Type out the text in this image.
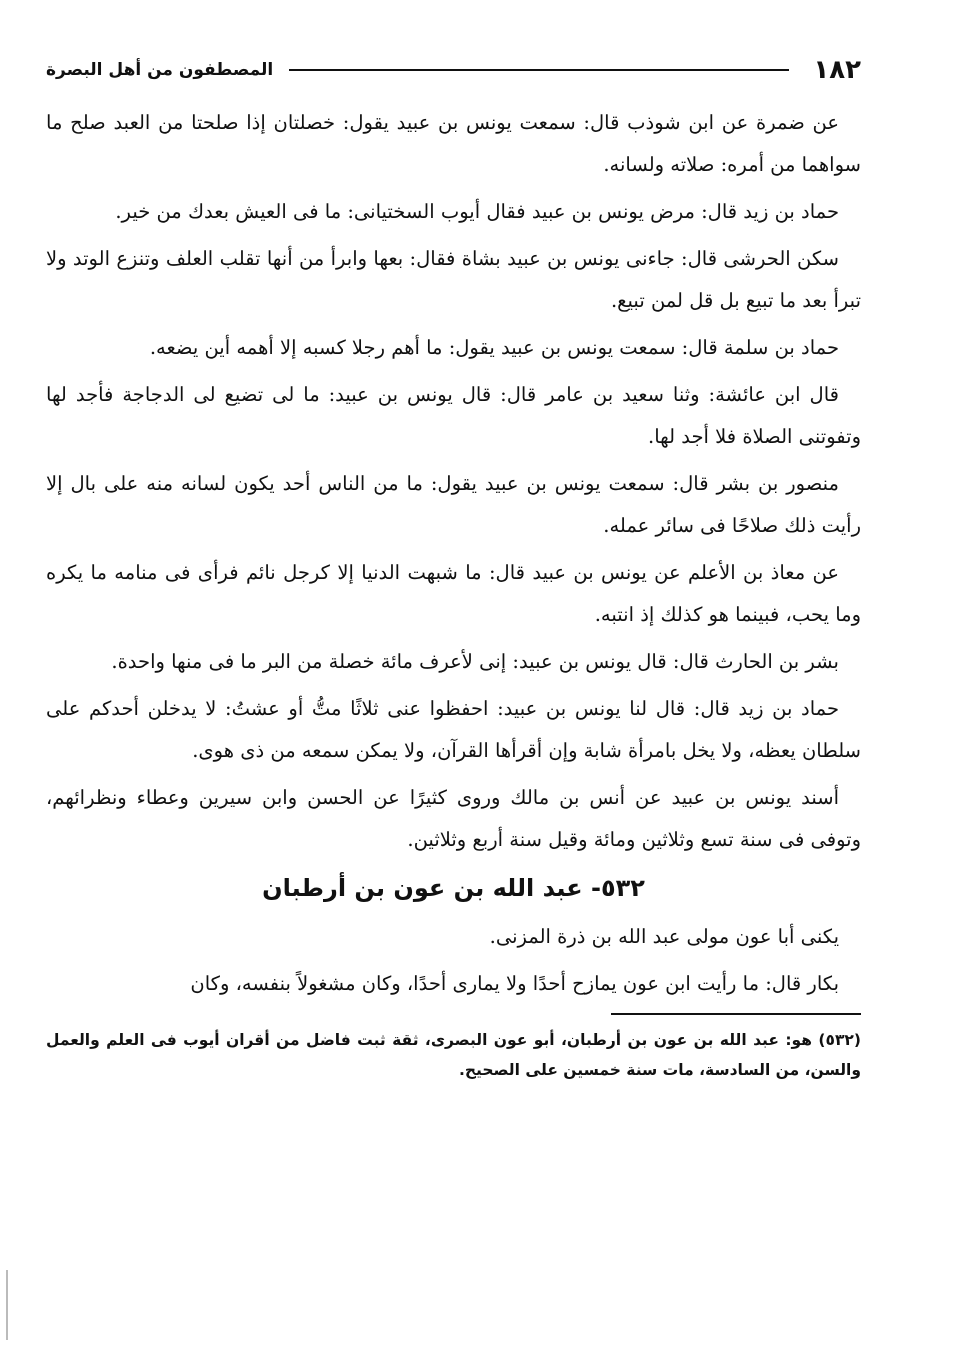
١٨٢
المصطفون من أهل البصرة

عن ضمرة عن ابن شوذب قال: سمعت يونس بن عبيد يقول: خصلتان إذا صلحتا من العبد صلح ما سواهما من أمره: صلاته ولسانه.

حماد بن زيد قال: مرض يونس بن عبيد فقال أيوب السختيانى: ما فى العيش بعدك من خير.

سكن الحرشى قال: جاءنى يونس بن عبيد بشاة فقال: بعها وابرأ من أنها تقلب العلف وتنزع الوتد ولا تبرأ بعد ما تبيع بل قل لمن تبيع.

حماد بن سلمة قال: سمعت يونس بن عبيد يقول: ما أهم رجلا كسبه إلا أهمه أين يضعه.

قال ابن عائشة: وثنا سعيد بن عامر قال: قال يونس بن عبيد: ما لى تضيع لى الدجاجة فأجد لها وتفوتنى الصلاة فلا أجد لها.

منصور بن بشر قال: سمعت يونس بن عبيد يقول: ما من الناس أحد يكون لسانه منه على بال إلا رأيت ذلك صلاحًا فى سائر عمله.

عن معاذ بن الأعلم عن يونس بن عبيد قال: ما شبهت الدنيا إلا كرجل نائم فرأى فى منامه ما يكره وما يحب، فبينما هو كذلك إذ انتبه.

بشر بن الحارث قال: قال يونس بن عبيد: إنى لأعرف مائة خصلة من البر ما فى منها واحدة.

حماد بن زيد قال: قال لنا يونس بن عبيد: احفظوا عنى ثلاثًا متُّ أو عشتُ: لا يدخلن أحدكم على سلطان يعظه، ولا يخل بامرأة شابة وإن أقرأها القرآن، ولا يمكن سمعه من ذى هوى.

أسند يونس بن عبيد عن أنس بن مالك وروى كثيرًا عن الحسن وابن سيرين وعطاء ونظرائهم، وتوفى فى سنة تسع وثلاثين ومائة وقيل سنة أربع وثلاثين.

٥٣٢- عبد الله بن عون بن أرطبان

يكنى أبا عون مولى عبد الله بن ذرة المزنى.

بكار قال: ما رأيت ابن عون يمازح أحدًا ولا يمارى أحدًا، وكان مشغولاً بنفسه، وكان

(٥٣٢) هو: عبد الله بن عون بن أرطبان، أبو عون البصرى، ثقة ثبت فاضل من أقران أيوب فى العلم والعمل والسن، من السادسة، مات سنة خمسين على الصحيح.
